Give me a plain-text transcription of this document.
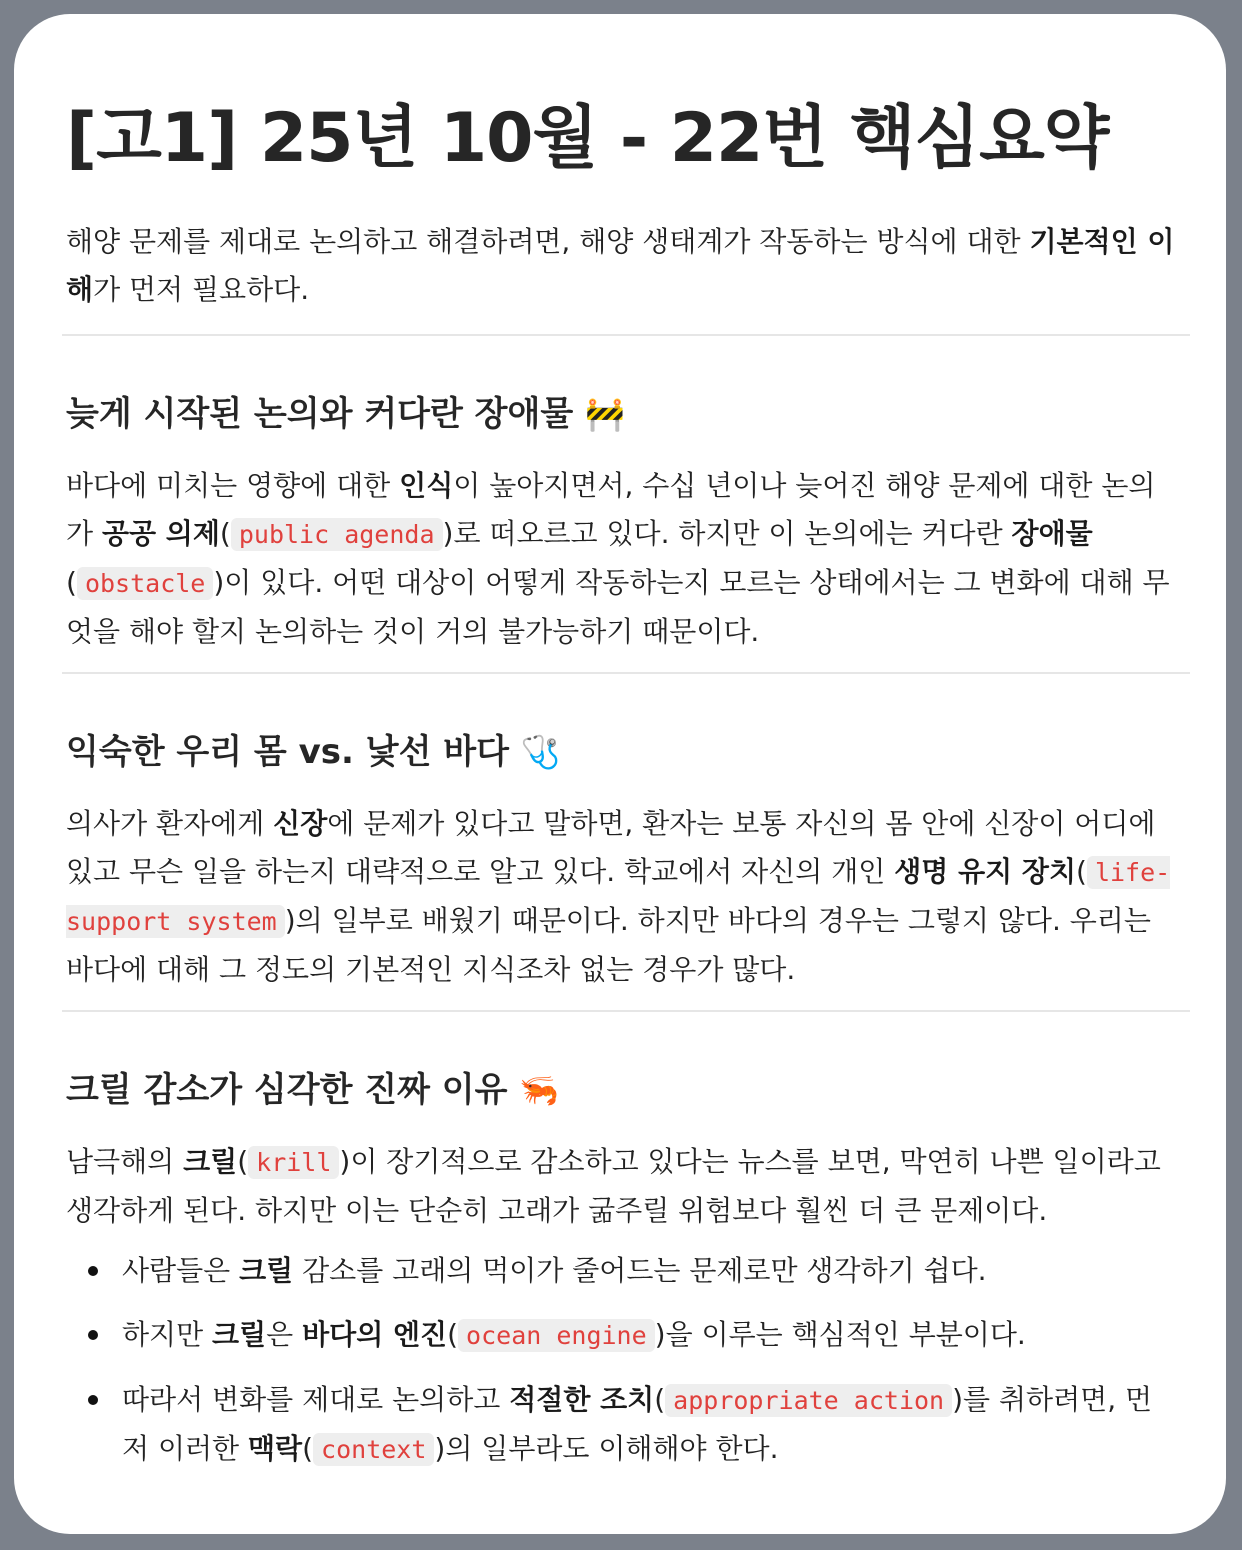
[고1] 25년 10월 - 22번 핵심요약

해양 문제를 제대로 논의하고 해결하려면, 해양 생태계가 작동하는 방식에 대한 기본적인 이해가 먼저 필요하다.

늦게 시작된 논의와 커다란 장애물 🚧

바다에 미치는 영향에 대한 인식이 높아지면서, 수십 년이나 늦어진 해양 문제에 대한 논의가 공공 의제( public agenda )로 떠오르고 있다. 하지만 이 논의에는 커다란 장애물( obstacle )이 있다. 어떤 대상이 어떻게 작동하는지 모르는 상태에서는 그 변화에 대해 무엇을 해야 할지 논의하는 것이 거의 불가능하기 때문이다.

익숙한 우리 몸 vs. 낯선 바다 🩺

의사가 환자에게 신장에 문제가 있다고 말하면, 환자는 보통 자신의 몸 안에 신장이 어디에 있고 무슨 일을 하는지 대략적으로 알고 있다. 학교에서 자신의 개인 생명 유지 장치( life-support system )의 일부로 배웠기 때문이다. 하지만 바다의 경우는 그렇지 않다. 우리는 바다에 대해 그 정도의 기본적인 지식조차 없는 경우가 많다.

크릴 감소가 심각한 진짜 이유 🦐

남극해의 크릴( krill )이 장기적으로 감소하고 있다는 뉴스를 보면, 막연히 나쁜 일이라고 생각하게 된다. 하지만 이는 단순히 고래가 굶주릴 위험보다 훨씬 더 큰 문제이다.

사람들은 크릴 감소를 고래의 먹이가 줄어드는 문제로만 생각하기 쉽다.
하지만 크릴은 바다의 엔진( ocean engine )을 이루는 핵심적인 부분이다.
따라서 변화를 제대로 논의하고 적절한 조치( appropriate action )를 취하려면, 먼저 이러한 맥락( context )의 일부라도 이해해야 한다.
